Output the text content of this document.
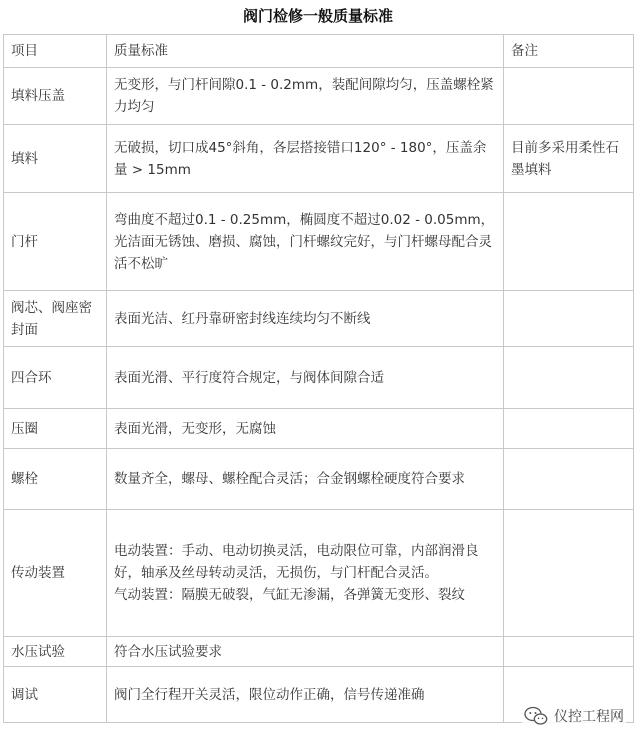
阀门检修一般质量标准
项目	质量标准	备注
填料压盖	无变形，与门杆间隙0.1 - 0.2mm，装配间隙均匀，压盖螺栓紧力均匀	
填料	无破损，切口成45°斜角，各层搭接错口120° - 180°，压盖余量 > 15mm	目前多采用柔性石墨填料
门杆	弯曲度不超过0.1 - 0.25mm，椭圆度不超过0.02 - 0.05mm，光洁面无锈蚀、磨损、腐蚀，门杆螺纹完好，与门杆螺母配合灵活不松旷	
阀芯、阀座密封面	表面光洁、红丹靠研密封线连续均匀不断线	
四合环	表面光滑、平行度符合规定，与阀体间隙合适	
压圈	表面光滑，无变形，无腐蚀	
螺栓	数量齐全，螺母、螺栓配合灵活；合金钢螺栓硬度符合要求	
传动装置	电动装置：手动、电动切换灵活，电动限位可靠，内部润滑良好，轴承及丝母转动灵活，无损伤，与门杆配合灵活。
气动装置：隔膜无破裂，气缸无渗漏，各弹簧无变形、裂纹	

水压试验	符合水压试验要求	
调试	阀门全行程开关灵活，限位动作正确，信号传递准确	
仪控工程网
